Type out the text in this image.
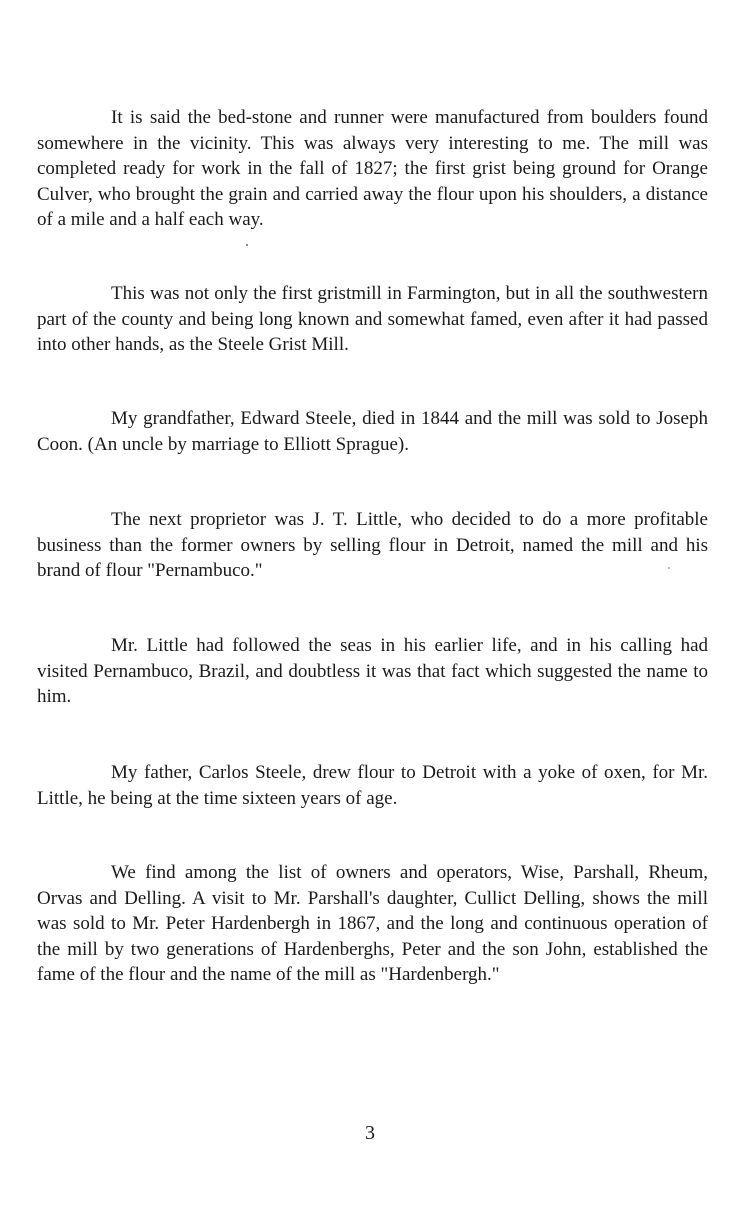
It is said the bed-stone and runner were manufactured from boulders found somewhere in the vicinity. This was always very interesting to me. The mill was completed ready for work in the fall of 1827; the first grist being ground for Orange Culver, who brought the grain and carried away the flour upon his shoulders, a distance of a mile and a half each way.

This was not only the first gristmill in Farmington, but in all the southwestern part of the county and being long known and somewhat famed, even after it had passed into other hands, as the Steele Grist Mill.

My grandfather, Edward Steele, died in 1844 and the mill was sold to Joseph Coon. (An uncle by marriage to Elliott Sprague).

The next proprietor was J. T. Little, who decided to do a more profitable business than the former owners by selling flour in Detroit, named the mill and his brand of flour "Pernambuco."

Mr. Little had followed the seas in his earlier life, and in his calling had visited Pernambuco, Brazil, and doubtless it was that fact which suggested the name to him.

My father, Carlos Steele, drew flour to Detroit with a yoke of oxen, for Mr. Little, he being at the time sixteen years of age.

We find among the list of owners and operators, Wise, Parshall, Rheum, Orvas and Delling. A visit to Mr. Parshall's daughter, Cullict Delling, shows the mill was sold to Mr. Peter Hardenbergh in 1867, and the long and continuous operation of the mill by two generations of Hardenberghs, Peter and the son John, established the fame of the flour and the name of the mill as "Hardenbergh."

3
